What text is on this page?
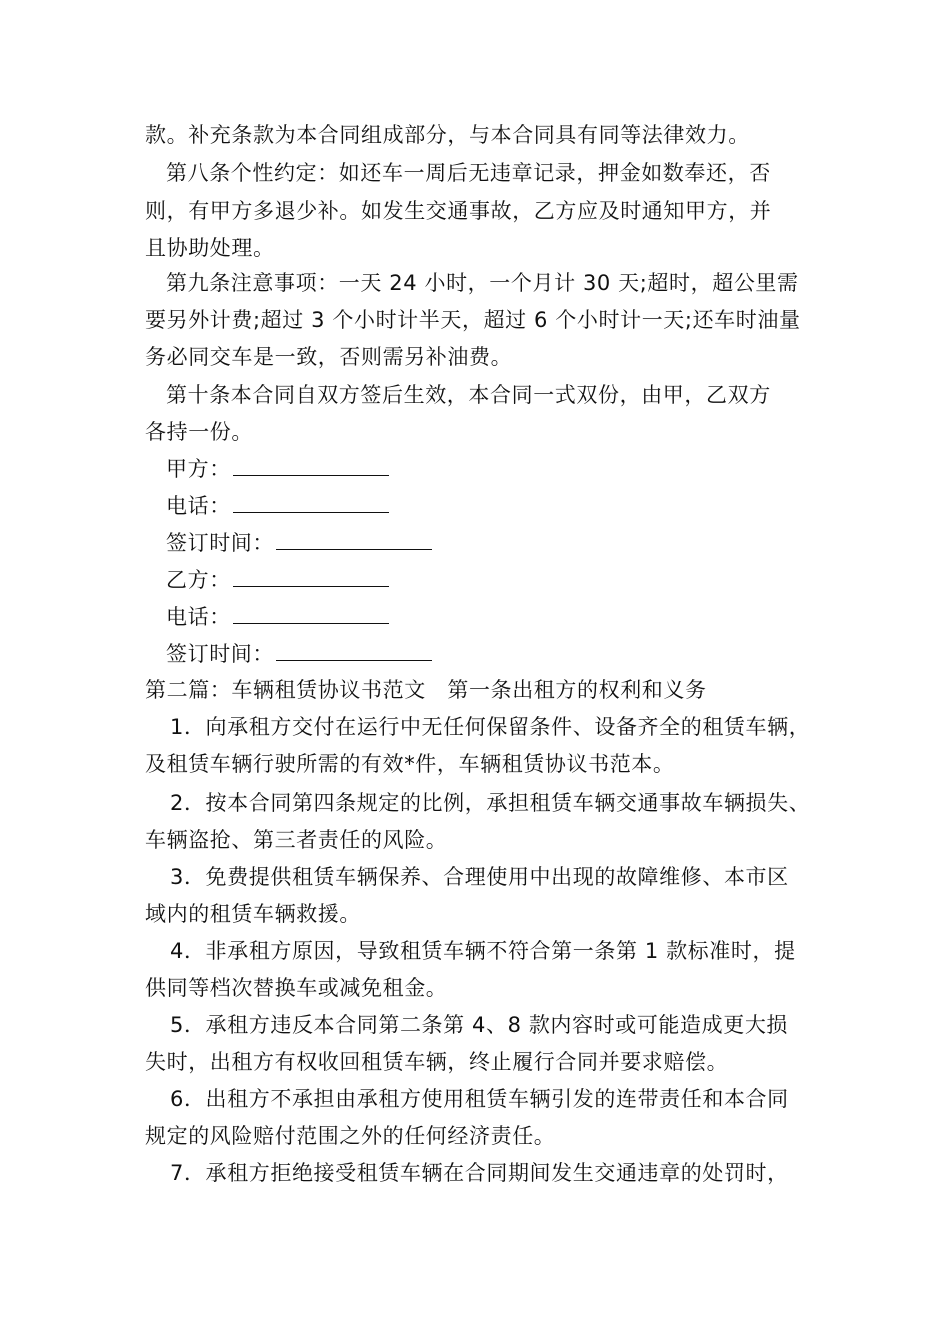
款。补充条款为本合同组成部分，与本合同具有同等法律效力。
第八条个性约定：如还车一周后无违章记录，押金如数奉还，否
则，有甲方多退少补。如发生交通事故，乙方应及时通知甲方，并
且协助处理。
第九条注意事项：一天 24 小时，一个月计 30 天;超时，超公里需
要另外计费;超过 3 个小时计半天，超过 6 个小时计一天;还车时油量
务必同交车是一致，否则需另补油费。
第十条本合同自双方签后生效，本合同一式双份，由甲，乙双方
各持一份。
甲方：
电话：
签订时间：
乙方：
电话：
签订时间：
第二篇：车辆租赁协议书范文　第一条出租方的权利和义务
1．向承租方交付在运行中无任何保留条件、设备齐全的租赁车辆，
及租赁车辆行驶所需的有效*件，车辆租赁协议书范本。
2．按本合同第四条规定的比例，承担租赁车辆交通事故车辆损失、
车辆盗抢、第三者责任的风险。
3．免费提供租赁车辆保养、合理使用中出现的故障维修、本市区
域内的租赁车辆救援。
4．非承租方原因，导致租赁车辆不符合第一条第 1 款标准时，提
供同等档次替换车或减免租金。
5．承租方违反本合同第二条第 4、8 款内容时或可能造成更大损
失时，出租方有权收回租赁车辆，终止履行合同并要求赔偿。
6．出租方不承担由承租方使用租赁车辆引发的连带责任和本合同
规定的风险赔付范围之外的任何经济责任。
7．承租方拒绝接受租赁车辆在合同期间发生交通违章的处罚时，
